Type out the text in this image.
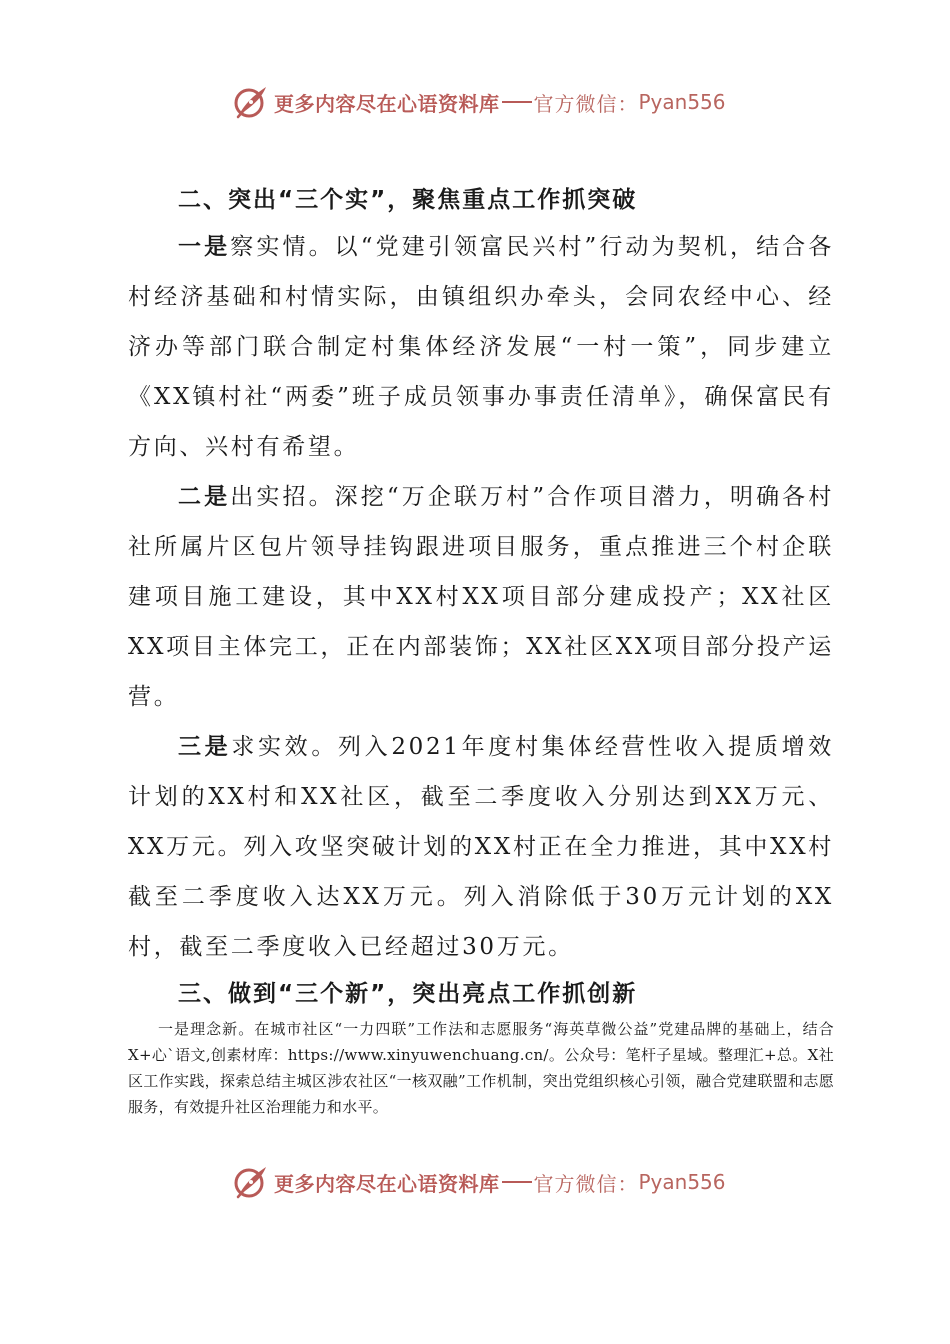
更多内容尽在心语资料库 官方微信： Pyan556

二、突出“三个实”，聚焦重点工作抓突破

一是察实情。以“党建引领富民兴村”行动为契机，结合各村经济基础和村情实际，由镇组织办牵头，会同农经中心、经济办等部门联合制定村集体经济发展“一村一策”，同步建立《XX镇村社“两委”班子成员领事办事责任清单》，确保富民有方向、兴村有希望。

二是出实招。深挖“万企联万村”合作项目潜力，明确各村社所属片区包片领导挂钩跟进项目服务，重点推进三个村企联建项目施工建设，其中XX村XX项目部分建成投产；XX社区XX项目主体完工，正在内部装饰；XX社区XX项目部分投产运营。

三是求实效。列入2021年度村集体经营性收入提质增效计划的XX村和XX社区，截至二季度收入分别达到XX万元、XX万元。列入攻坚突破计划的XX村正在全力推进，其中XX村截至二季度收入达XX万元。列入消除低于30万元计划的XX村，截至二季度收入已经超过30万元。

三、做到“三个新”，突出亮点工作抓创新

一是理念新。在城市社区“一力四联”工作法和志愿服务“海英草微公益”党建品牌的基础上，结合X+心`语文,创素材库：https://www.xinyuwenchuang.cn/。公众号：笔杆子星域。整理汇+总。X社区工作实践，探索总结主城区涉农社区“一核双融”工作机制，突出党组织核心引领，融合党建联盟和志愿服务，有效提升社区治理能力和水平。

更多内容尽在心语资料库 官方微信： Pyan556
